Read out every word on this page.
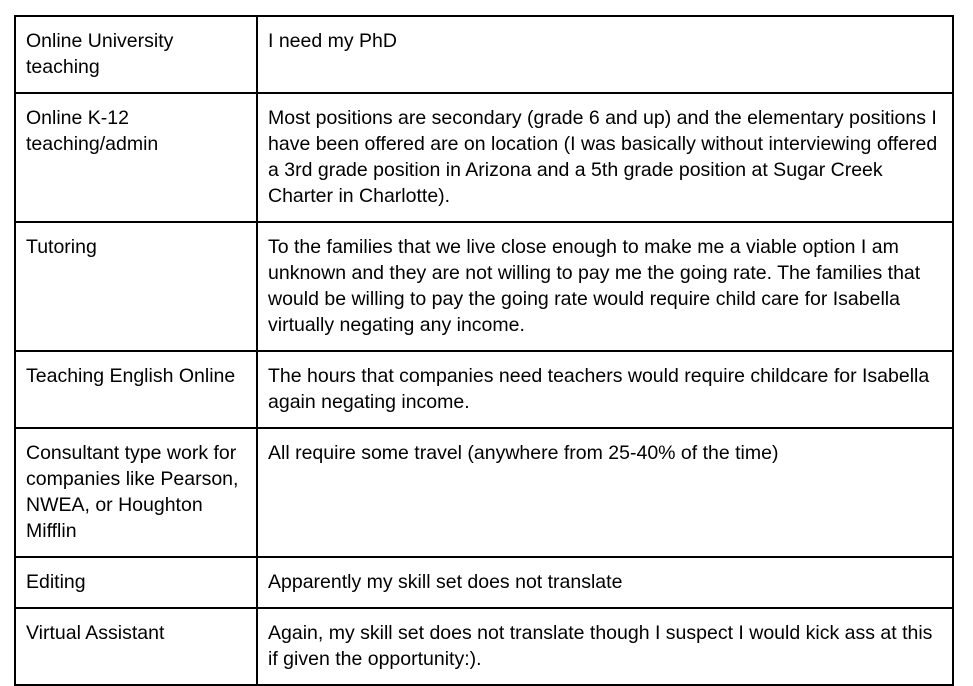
Online University teaching	I need my PhD
Online K-12 teaching/admin	Most positions are secondary (grade 6 and up) and the elementary positions I have been offered are on location (I was basically without interviewing offered a 3rd grade position in Arizona and a 5th grade position at Sugar Creek Charter in Charlotte).
Tutoring	To the families that we live close enough to make me a viable option I am unknown and they are not willing to pay me the going rate. The families that would be willing to pay the going rate would require child care for Isabella virtually negating any income.
Teaching English Online	The hours that companies need teachers would require childcare for Isabella again negating income.
Consultant type work for companies like Pearson, NWEA, or Houghton Mifflin	All require some travel (anywhere from 25-40% of the time)
Editing	Apparently my skill set does not translate
Virtual Assistant	Again, my skill set does not translate though I suspect I would kick ass at this if given the opportunity:).
